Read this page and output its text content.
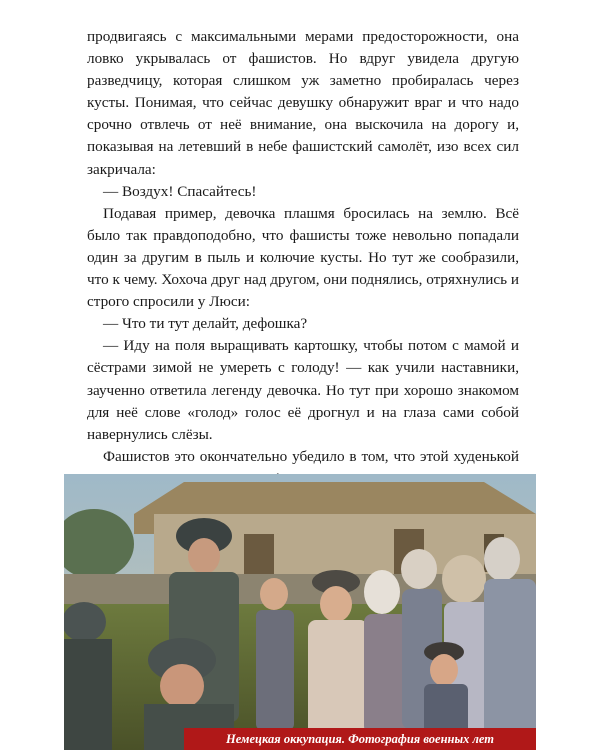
продвигаясь с максимальными мерами предосторожности, она ловко укрывалась от фашистов. Но вдруг увидела другую разведчицу, которая слишком уж заметно пробиралась через кусты. Понимая, что сейчас девушку обнаружит враг и что надо срочно отвлечь от неё внимание, она выскочила на дорогу и, показывая на летевший в небе фашистский самолёт, изо всех сил закричала:

— Воздух! Спасайтесь!

Подавая пример, девочка плашмя бросилась на землю. Всё было так правдоподобно, что фашисты тоже невольно попадали один за другим в пыль и колючие кусты. Но тут же сообразили, что к чему. Хохоча друг над другом, они поднялись, отряхнулись и строго спросили у Люси:

— Что ти тут делайт, дефошка?

— Иду на поля выращивать картошку, чтобы потом с мамой и сёстрами зимой не умереть с голоду! — как учили наставники, заученно ответила легенду девочка. Но тут при хорошо знакомом для неё слове «голод» голос её дрогнул и на глаза сами собой навернулись слёзы.

Фашистов это окончательно убедило в том, что этой худенькой

Немецкая оккупация. Фотография военных лет
